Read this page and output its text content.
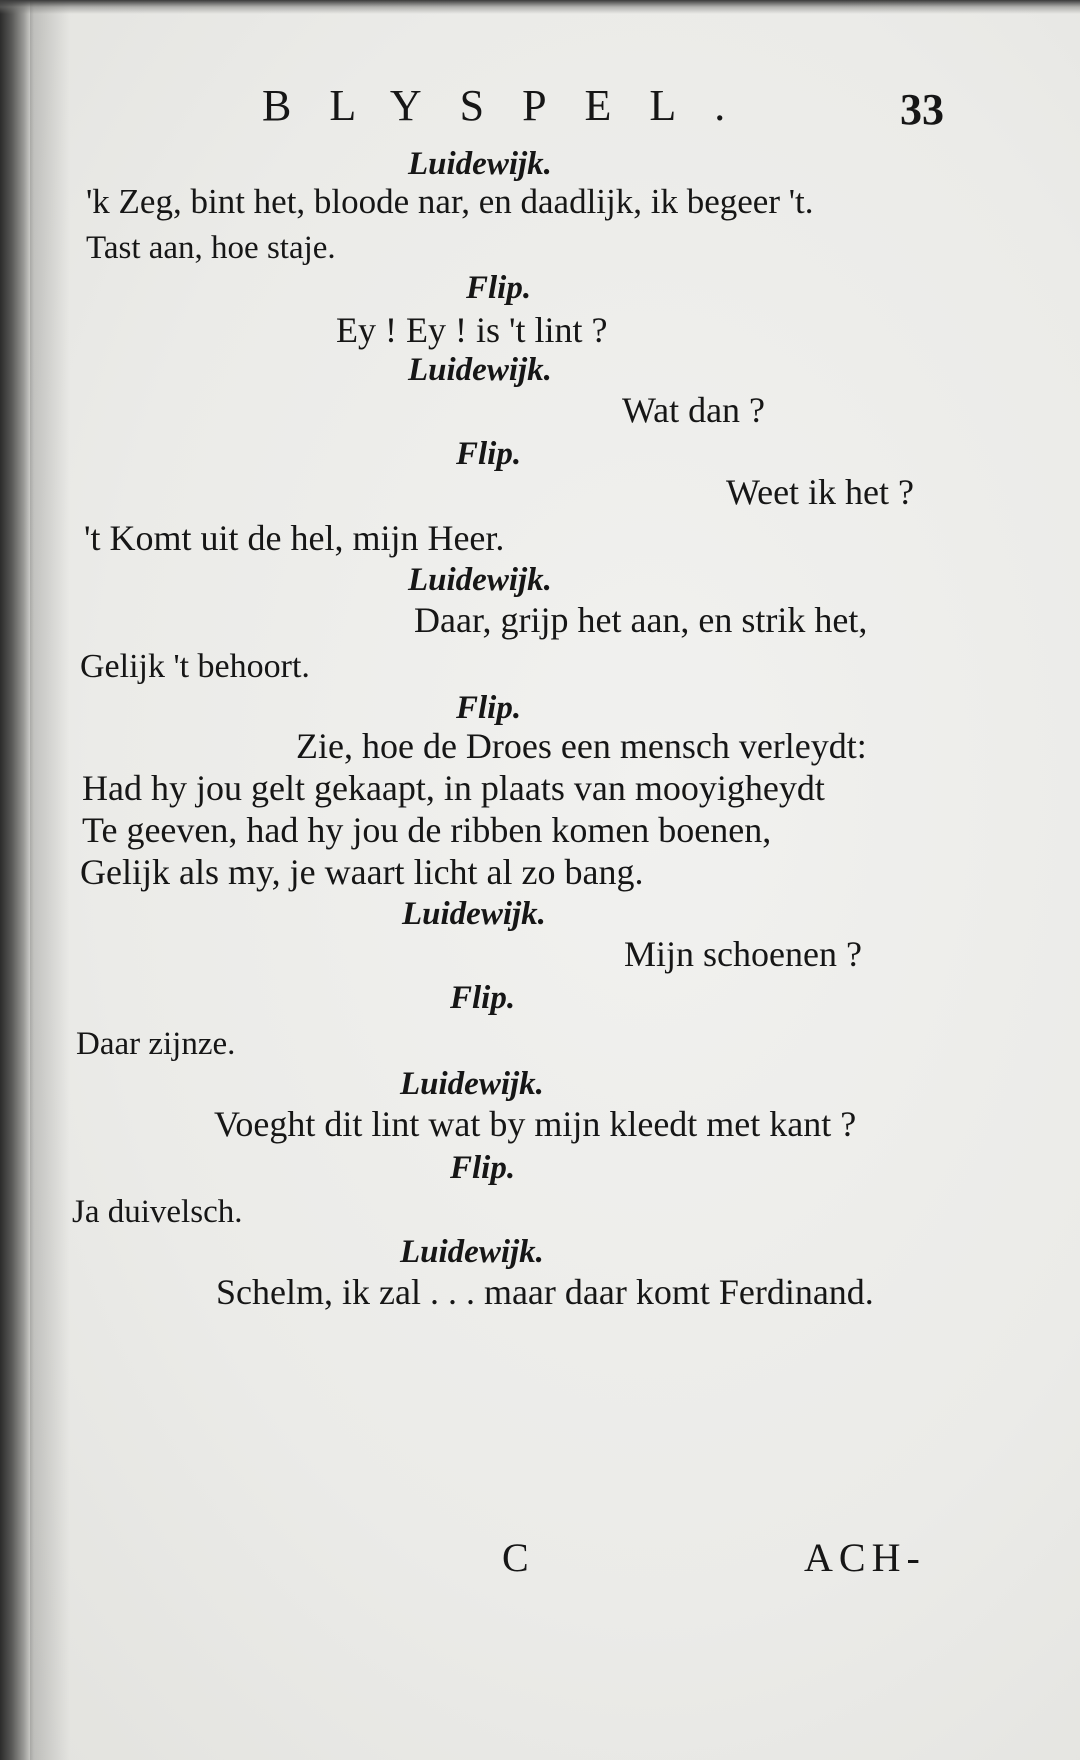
BLYSPEL.	33
Luidewijk.
'k Zeg, bint het, bloode nar, en daadlijk, ik begeer 't.
Tast aan, hoe staje.
Flip.
Ey ! Ey ! is 't lint ?
Luidewijk.
Wat dan ?
Flip.
Weet ik het ?
't Komt uit de hel, mijn Heer.
Luidewijk.
Daar, grijp het aan, en strik het,
Gelijk 't behoort.
Flip.
Zie, hoe de Droes een mensch verleydt:
Had hy jou gelt gekaapt, in plaats van mooyigheydt
Te geeven, had hy jou de ribben komen boenen,
Gelijk als my, je waart licht al zo bang.
Luidewijk.
Mijn schoenen ?
Flip.
Daar zijnze.
Luidewijk.
Voeght dit lint wat by mijn kleedt met kant ?
Flip.
Ja duivelsch.
Luidewijk.
Schelm, ik zal . . . maar daar komt Ferdinand.
C	ACH-
